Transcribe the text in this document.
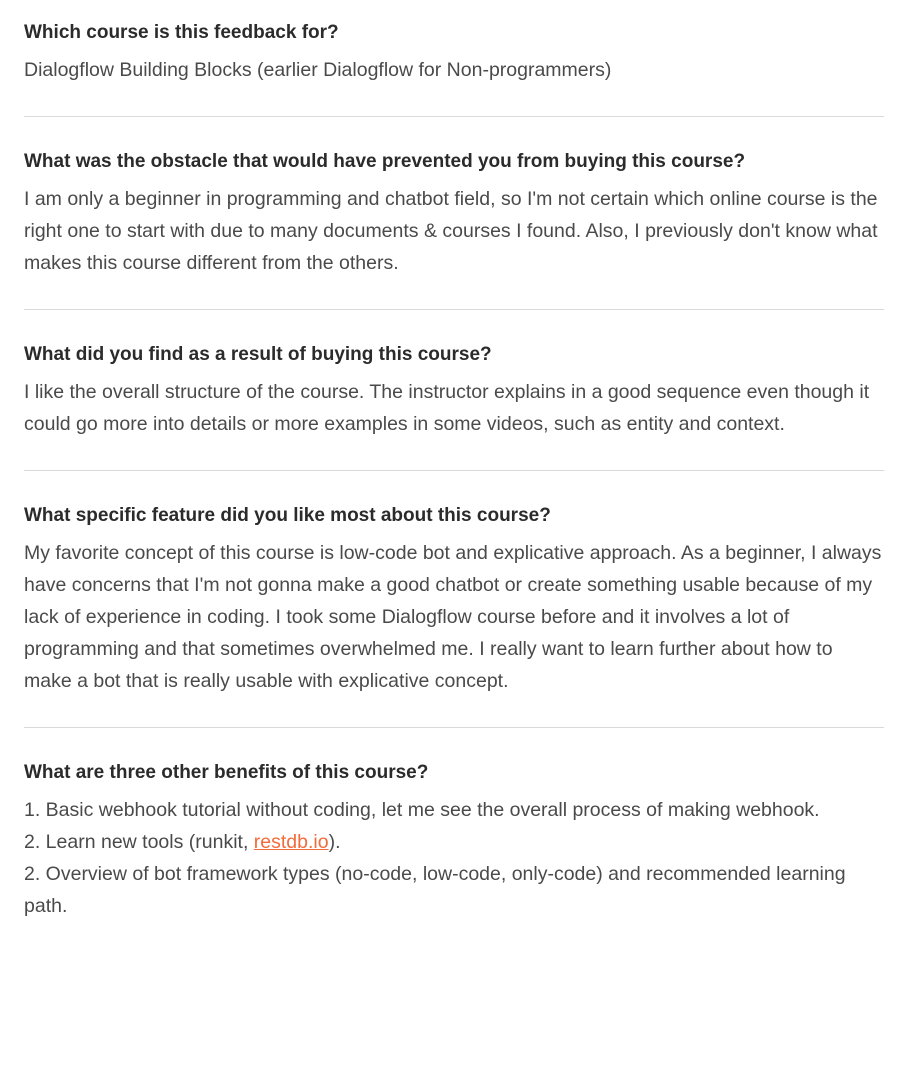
Which course is this feedback for?

Dialogflow Building Blocks (earlier Dialogflow for Non-programmers)

What was the obstacle that would have prevented you from buying this course?

I am only a beginner in programming and chatbot field, so I'm not certain which online course is the right one to start with due to many documents & courses I found. Also, I previously don't know what makes this course different from the others.

What did you find as a result of buying this course?

I like the overall structure of the course. The instructor explains in a good sequence even though it could go more into details or more examples in some videos, such as entity and context.

What specific feature did you like most about this course?

My favorite concept of this course is low-code bot and explicative approach. As a beginner, I always have concerns that I'm not gonna make a good chatbot or create something usable because of my lack of experience in coding. I took some Dialogflow course before and it involves a lot of programming and that sometimes overwhelmed me. I really want to learn further about how to make a bot that is really usable with explicative concept.

What are three other benefits of this course?

1. Basic webhook tutorial without coding, let me see the overall process of making webhook.
2. Learn new tools (runkit, restdb.io).
2. Overview of bot framework types (no-code, low-code, only-code) and recommended learning path.
